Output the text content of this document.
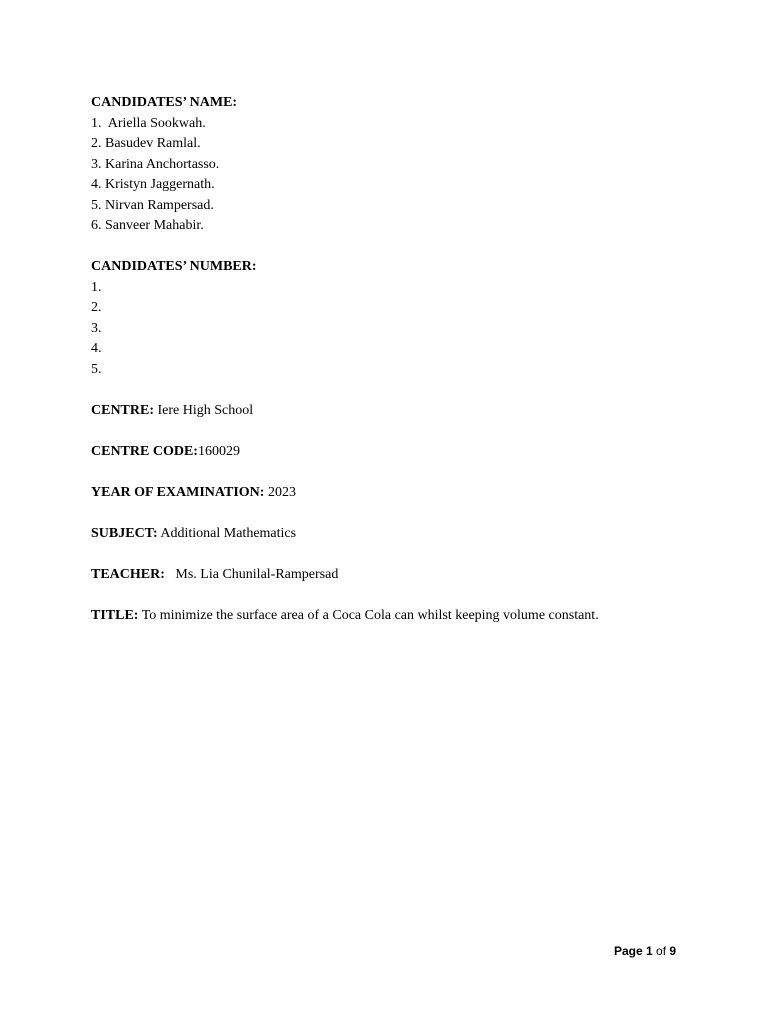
CANDIDATES’ NAME:
1.  Ariella Sookwah.
2. Basudev Ramlal.
3. Karina Anchortasso.
4. Kristyn Jaggernath.
5. Nirvan Rampersad.
6. Sanveer Mahabir.
CANDIDATES’ NUMBER:
1.
2.
3.
4.
5.
CENTRE: Iere High School
CENTRE CODE:160029
YEAR OF EXAMINATION: 2023
SUBJECT: Additional Mathematics
TEACHER:   Ms. Lia Chunilal-Rampersad
TITLE: To minimize the surface area of a Coca Cola can whilst keeping volume constant.
Page 1 of 9
